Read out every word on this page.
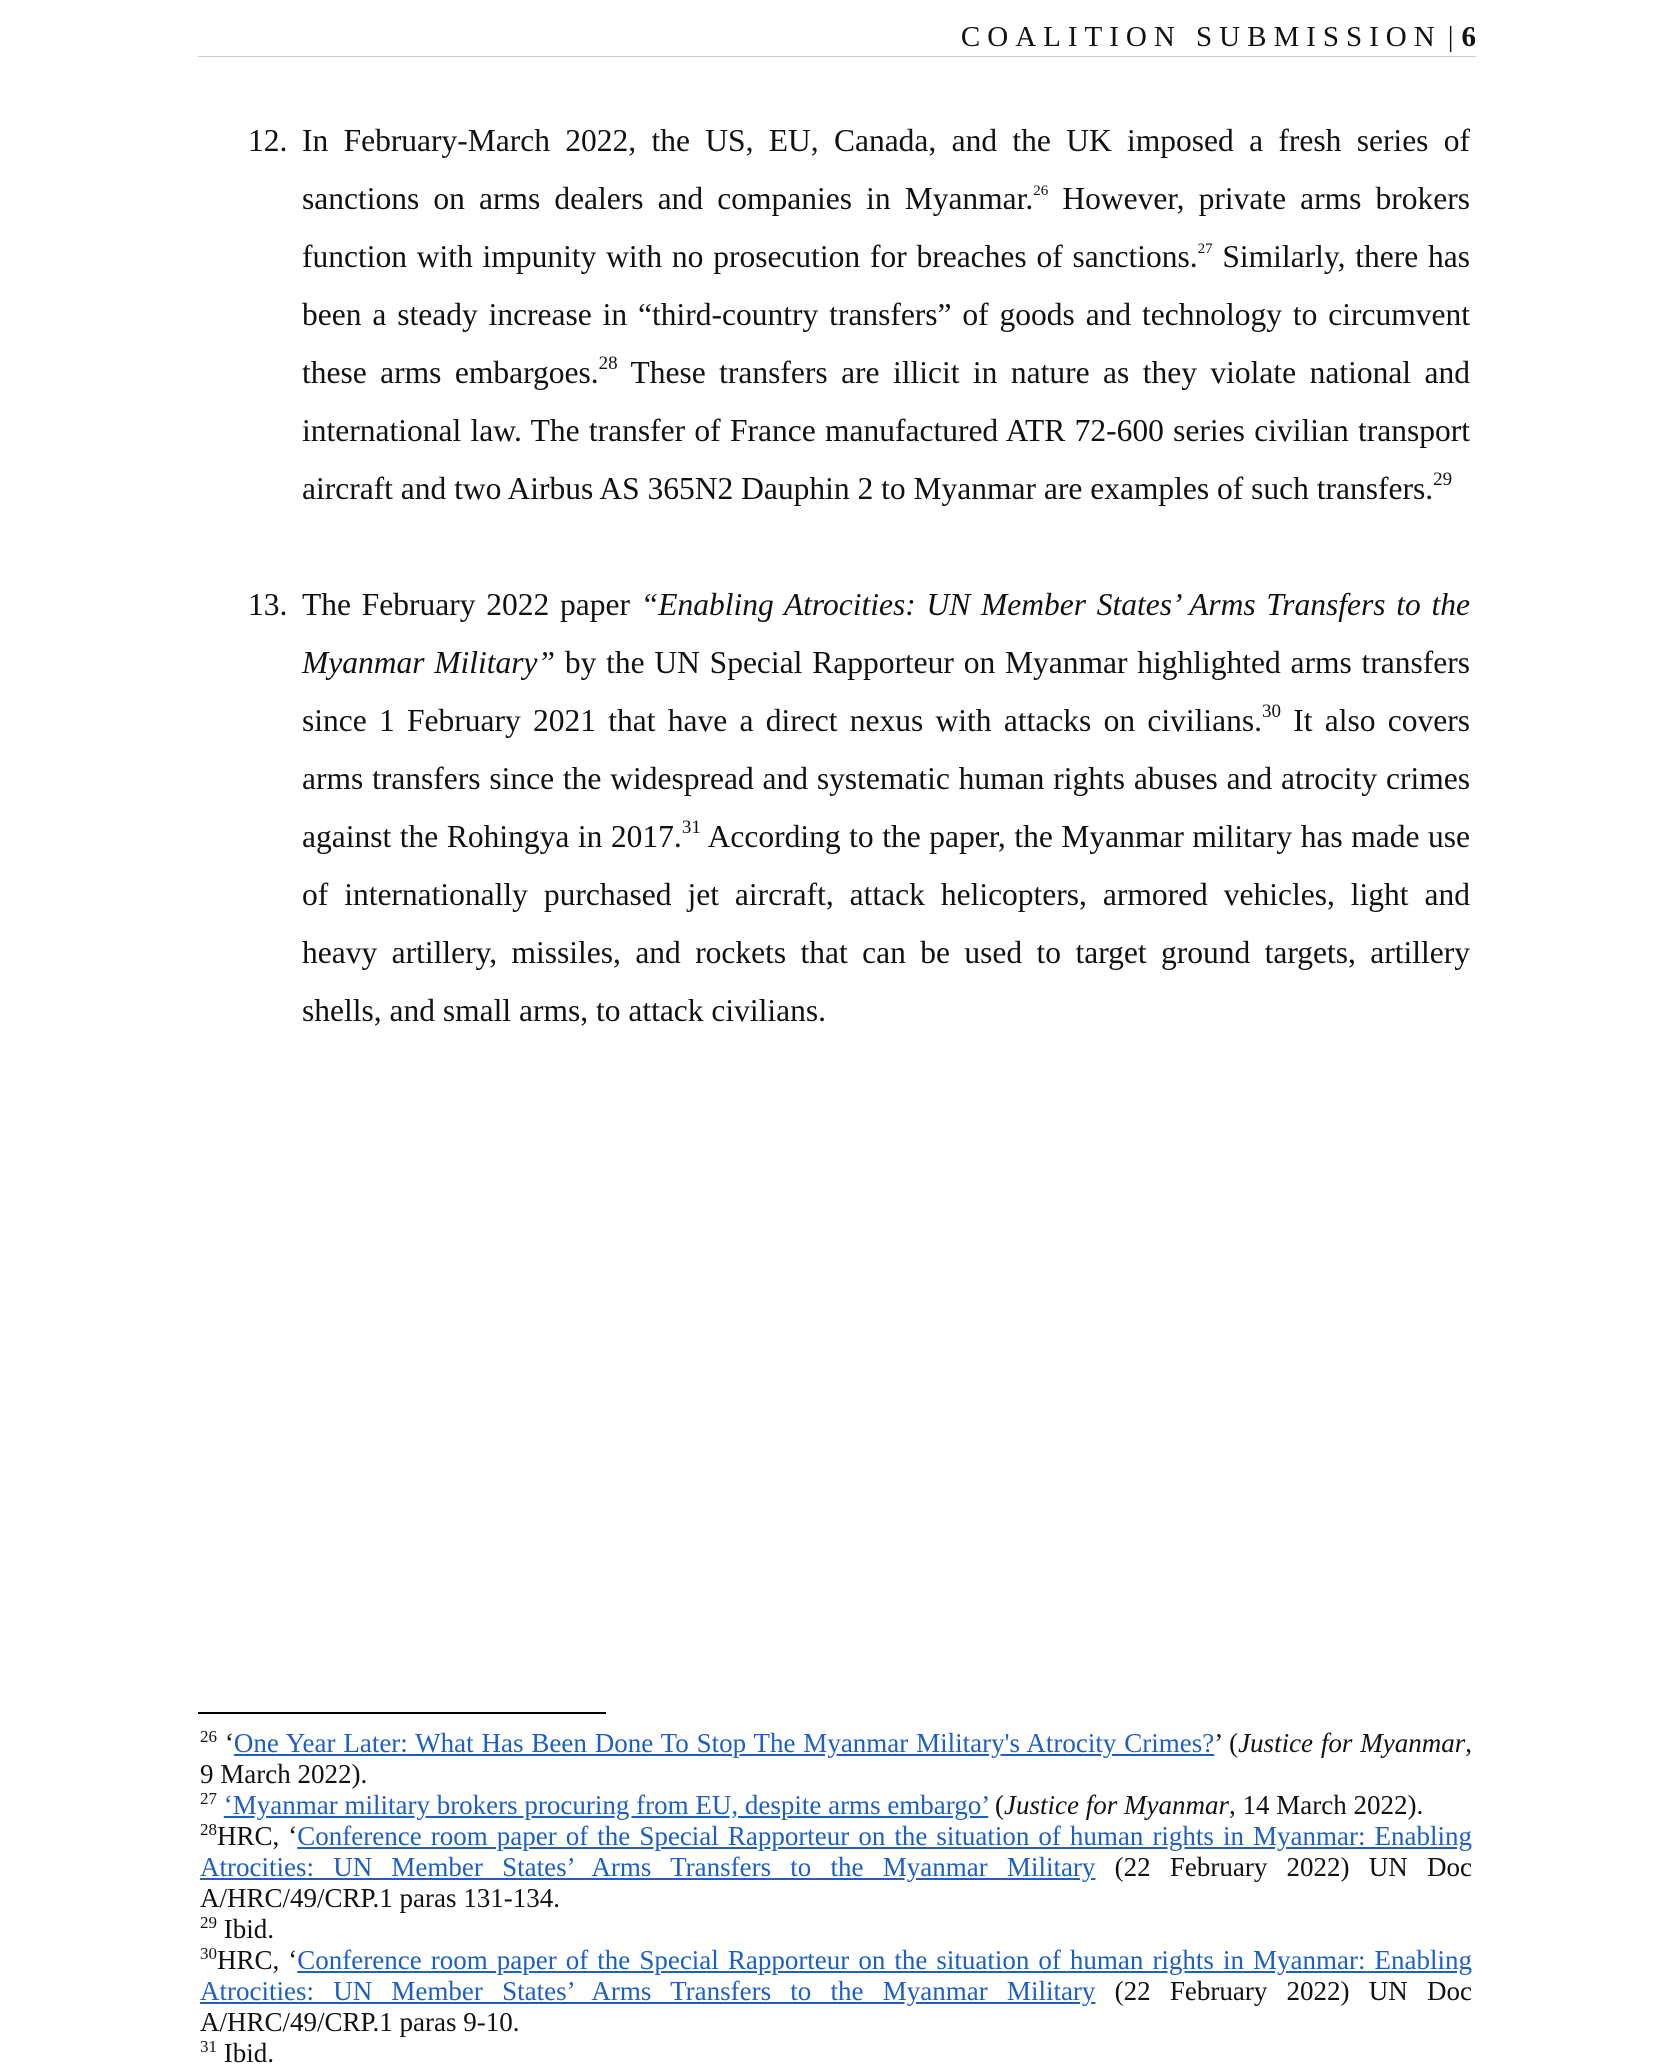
COALITION SUBMISSION | 6
12. In February-March 2022, the US, EU, Canada, and the UK imposed a fresh series of sanctions on arms dealers and companies in Myanmar.$^{26}$ However, private arms brokers function with impunity with no prosecution for breaches of sanctions.$^{27}$ Similarly, there has been a steady increase in “third-country transfers” of goods and technology to circumvent these arms embargoes.$^{28}$ These transfers are illicit in nature as they violate national and international law. The transfer of France manufactured ATR 72-600 series civilian transport aircraft and two Airbus AS 365N2 Dauphin 2 to Myanmar are examples of such transfers.$^{29}$
13. The February 2022 paper “Enabling Atrocities: UN Member States’ Arms Transfers to the Myanmar Military” by the UN Special Rapporteur on Myanmar highlighted arms transfers since 1 February 2021 that have a direct nexus with attacks on civilians.$^{30}$ It also covers arms transfers since the widespread and systematic human rights abuses and atrocity crimes against the Rohingya in 2017.31 According to the paper, the Myanmar military has made use of internationally purchased jet aircraft, attack helicopters, armored vehicles, light and heavy artillery, missiles, and rockets that can be used to target ground targets, artillery shells, and small arms, to attack civilians.
$^{26}$ ‘One Year Later: What Has Been Done To Stop The Myanmar Military's Atrocity Crimes?’ (Justice for Myanmar, 9 March 2022).
$^{27}$ ‘Myanmar military brokers procuring from EU, despite arms embargo’ (Justice for Myanmar, 14 March 2022).
$^{28}$HRC, ‘Conference room paper of the Special Rapporteur on the situation of human rights in Myanmar: Enabling Atrocities: UN Member States’ Arms Transfers to the Myanmar Military (22 February 2022) UN Doc A/HRC/49/CRP.1 paras 131-134.
$^{29}$ Ibid.
$^{30}$HRC, ‘Conference room paper of the Special Rapporteur on the situation of human rights in Myanmar: Enabling Atrocities: UN Member States’ Arms Transfers to the Myanmar Military (22 February 2022) UN Doc A/HRC/49/CRP.1 paras 9-10.
$^{31}$ Ibid.
